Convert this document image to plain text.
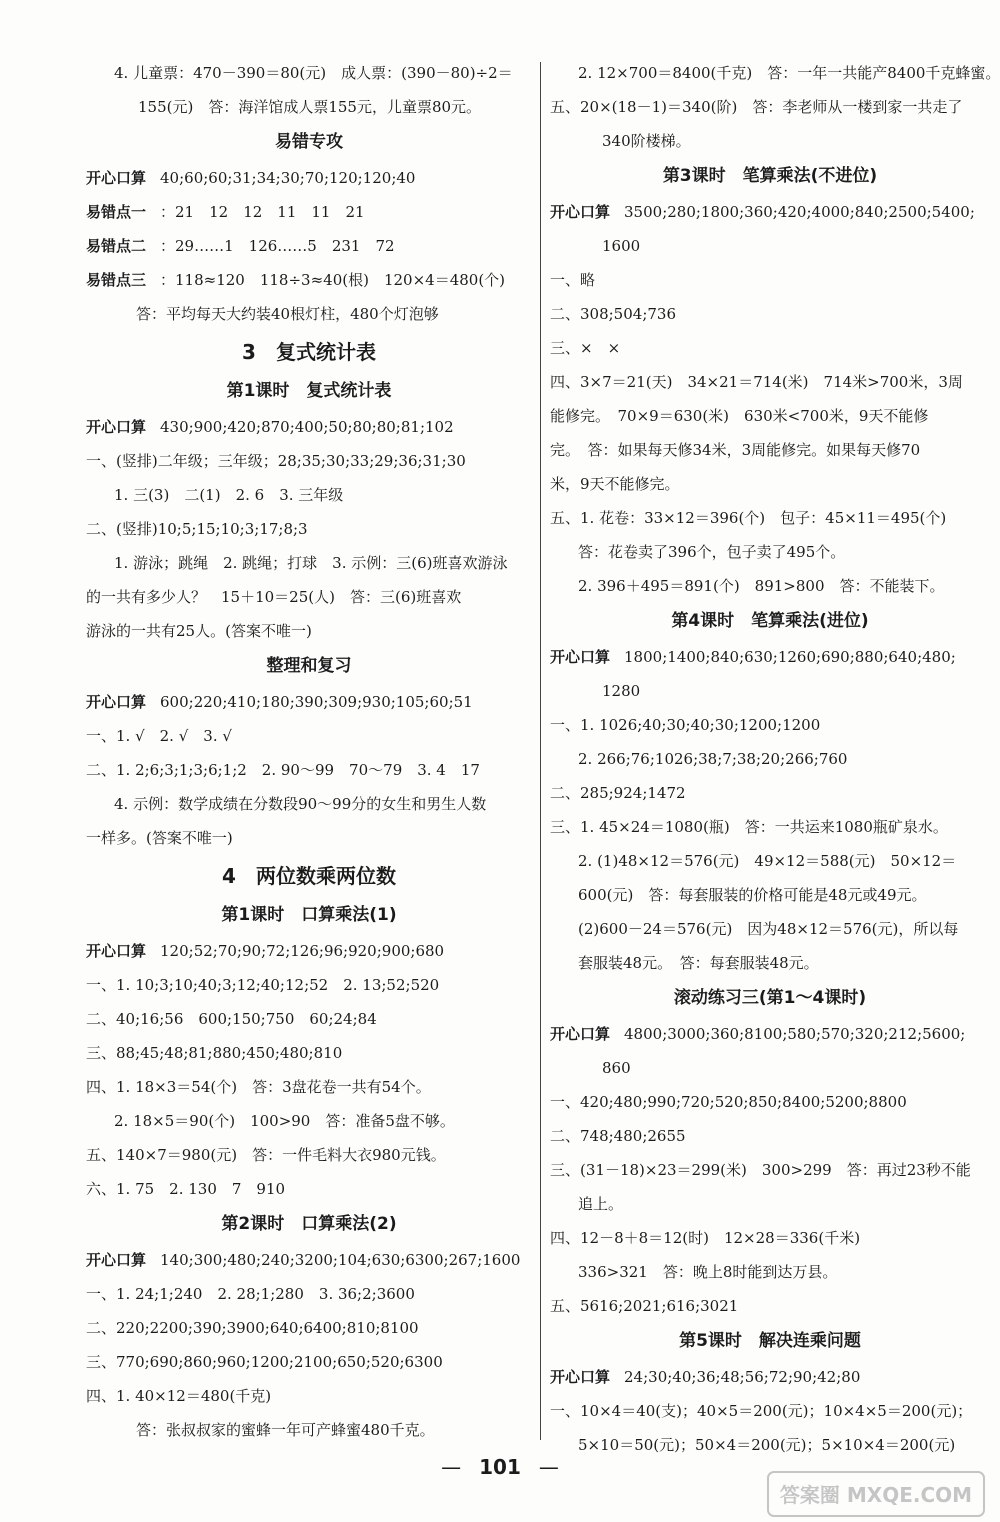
4. 儿童票：470－390＝80(元)　成人票：(390－80)÷2＝
155(元)　答：海洋馆成人票155元，儿童票80元。
易错专攻
开心口算 40;60;60;31;34;30;70;120;120;40
易错点一 ：21　12　12　11　11　21
易错点二 ：29……1　126……5　231　72
易错点三 ：118≈120　118÷3≈40(根)　120×4＝480(个)
答：平均每天大约装40根灯柱，480个灯泡够
3　复式统计表
第1课时　复式统计表
开心口算 430;900;420;870;400;50;80;80;81;102
一、(竖排)二年级；三年级；28;35;30;33;29;36;31;30
1. 三(3)　二(1)　2. 6　3. 三年级
二、(竖排)10;5;15;10;3;17;8;3
1. 游泳；跳绳　2. 跳绳；打球　3. 示例：三(6)班喜欢游泳
的一共有多少人？　15＋10＝25(人)　答：三(6)班喜欢
游泳的一共有25人。(答案不唯一)
整理和复习
开心口算 600;220;410;180;390;309;930;105;60;51
一、1. √　2. √　3. √
二、1. 2;6;3;1;3;6;1;2　2. 90～99　70～79　3. 4　17
4. 示例：数学成绩在分数段90～99分的女生和男生人数
一样多。(答案不唯一)
4　两位数乘两位数
第1课时　口算乘法(1)
开心口算 120;52;70;90;72;126;96;920;900;680
一、1. 10;3;10;40;3;12;40;12;52　2. 13;52;520
二、40;16;56　600;150;750　60;24;84
三、88;45;48;81;880;450;480;810
四、1. 18×3＝54(个)　答：3盘花卷一共有54个。
2. 18×5＝90(个)　100>90　答：准备5盘不够。
五、140×7＝980(元)　答：一件毛料大衣980元钱。
六、1. 75　2. 130　7　910
第2课时　口算乘法(2)
开心口算 140;300;480;240;3200;104;630;6300;267;1600
一、1. 24;1;240　2. 28;1;280　3. 36;2;3600
二、220;2200;390;3900;640;6400;810;8100
三、770;690;860;960;1200;2100;650;520;6300
四、1. 40×12＝480(千克)
答：张叔叔家的蜜蜂一年可产蜂蜜480千克。
2. 12×700＝8400(千克)　答：一年一共能产8400千克蜂蜜。
五、20×(18－1)＝340(阶)　答：李老师从一楼到家一共走了
340阶楼梯。
第3课时　笔算乘法(不进位)
开心口算 3500;280;1800;360;420;4000;840;2500;5400;
1600
一、略
二、308;504;736
三、×　×
四、3×7＝21(天)　34×21＝714(米)　714米>700米，3周
能修完。　70×9＝630(米)　630米<700米，9天不能修
完。　答：如果每天修34米，3周能修完。如果每天修70
米，9天不能修完。
五、1. 花卷：33×12＝396(个)　包子：45×11＝495(个)
答：花卷卖了396个，包子卖了495个。
2. 396＋495＝891(个)　891>800　答：不能装下。
第4课时　笔算乘法(进位)
开心口算 1800;1400;840;630;1260;690;880;640;480;
1280
一、1. 1026;40;30;40;30;1200;1200
2. 266;76;1026;38;7;38;20;266;760
二、285;924;1472
三、1. 45×24＝1080(瓶)　答：一共运来1080瓶矿泉水。
2. (1)48×12＝576(元)　49×12＝588(元)　50×12＝
600(元)　答：每套服装的价格可能是48元或49元。
(2)600－24＝576(元)　因为48×12＝576(元)，所以每
套服装48元。　答：每套服装48元。
滚动练习三(第1～4课时)
开心口算 4800;3000;360;8100;580;570;320;212;5600;
860
一、420;480;990;720;520;850;8400;5200;8800
二、748;480;2655
三、(31－18)×23＝299(米)　300>299　答：再过23秒不能
追上。
四、12－8＋8＝12(时)　12×28＝336(千米)
336>321　答：晚上8时能到达万县。
五、5616;2021;616;3021
第5课时　解决连乘问题
开心口算 24;30;40;36;48;56;72;90;42;80
一、10×4＝40(支)；40×5＝200(元)；10×4×5＝200(元)；
5×10＝50(元)；50×4＝200(元)；5×10×4＝200(元)
— 101 —
答案圈 MXQE.COM
